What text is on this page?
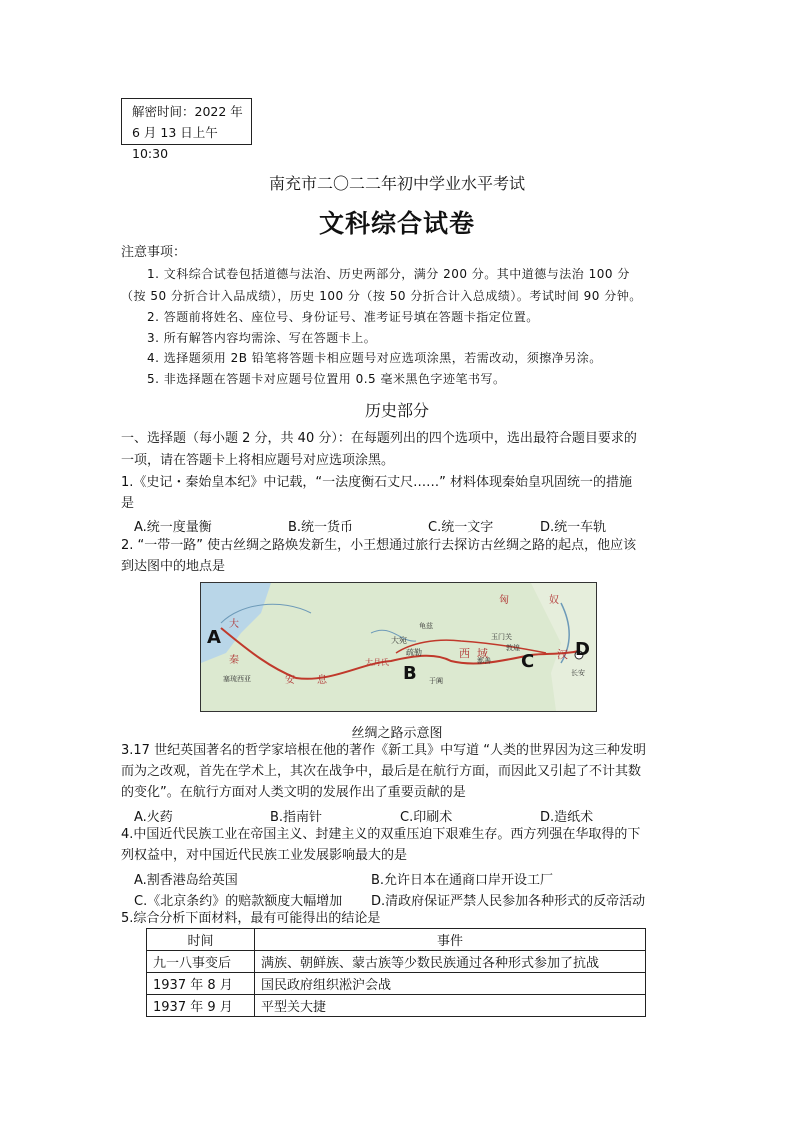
解密时间：2022 年
6 月 13 日上午 10:30
南充市二〇二二年初中学业水平考试
文科综合试卷
注意事项：
1. 文科综合试卷包括道德与法治、历史两部分，满分 200 分。其中道德与法治 100 分
（按 50 分折合计入品成绩），历史 100 分（按 50 分折合计入总成绩）。考试时间 90 分钟。
2. 答题前将姓名、座位号、身份证号、准考证号填在答题卡指定位置。
3. 所有解答内容均需涂、写在答题卡上。
4. 选择题须用 2B 铅笔将答题卡相应题号对应选项涂黑，若需改动，须擦净另涂。
5. 非选择题在答题卡对应题号位置用 0.5 毫米黑色字迹笔书写。
历史部分
一、选择题（每小题 2 分，共 40 分）：在每题列出的四个选项中，选出最符合题目要求的
一项，请在答题卡上将相应题号对应选项涂黑。
1.《史记・秦始皇本纪》中记载，“一法度衡石丈尺……” 材料体现秦始皇巩固统一的措施
是
A.统一度量衡	B.统一货币	C.统一文字	D.统一车轨
2. “一带一路” 使古丝绸之路焕发新生，小王想通过旅行去探访古丝绸之路的起点，他应该
到达图中的地点是
匈	奴
大
秦
安 息
大月氏
大宛
疏勒	西 域
玉门关
敦煌
鄯善
于阗
汉
长安
塞琉西亚
龟兹
A
B
C
D
丝绸之路示意图
3.17 世纪英国著名的哲学家培根在他的著作《新工具》中写道 “人类的世界因为这三种发明
而为之改观，首先在学术上，其次在战争中，最后是在航行方面，而因此又引起了不计其数
的变化”。在航行方面对人类文明的发展作出了重要贡献的是
A.火药	B.指南针	C.印刷术	D.造纸术
4.中国近代民族工业在帝国主义、封建主义的双重压迫下艰难生存。西方列强在华取得的下
列权益中，对中国近代民族工业发展影响最大的是
A.割香港岛给英国	B.允许日本在通商口岸开设工厂
C.《北京条约》的赔款额度大幅增加 D.清政府保证严禁人民参加各种形式的反帝活动
5.综合分析下面材料，最有可能得出的结论是
时间	事件
九一八事变后	满族、朝鲜族、蒙古族等少数民族通过各种形式参加了抗战
1937 年 8 月	国民政府组织淞沪会战
1937 年 9 月	平型关大捷
